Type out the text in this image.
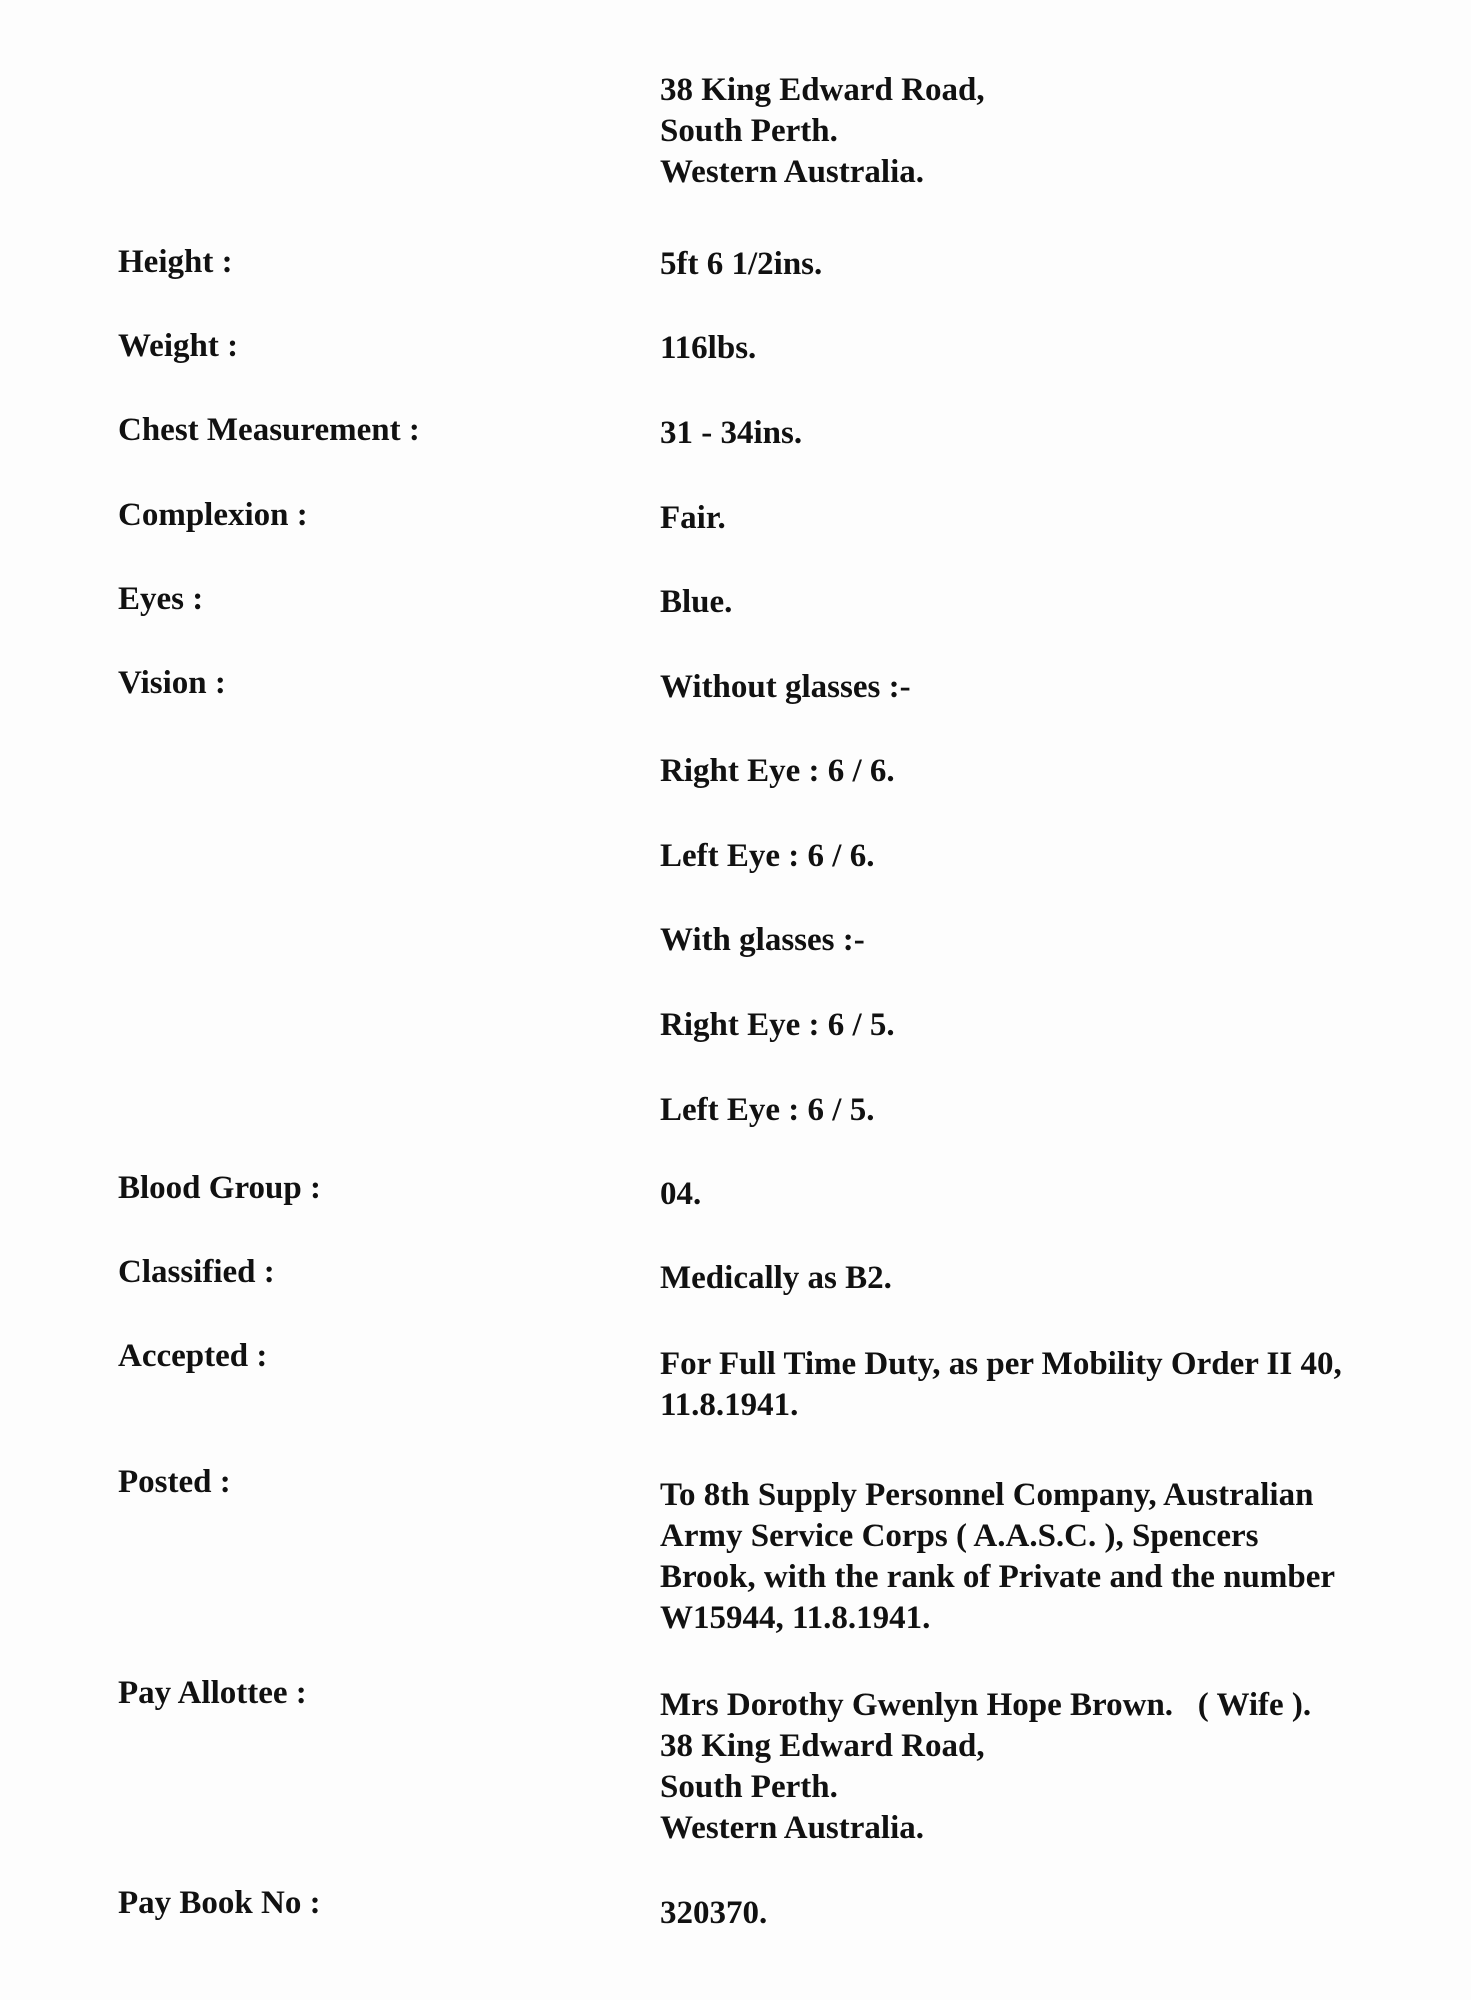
38 King Edward Road,
South Perth.
Western Australia.
Height :	5ft 6 1/2ins.
Weight :	116lbs.
Chest Measurement :	31 - 34ins.
Complexion :	Fair.
Eyes :	Blue.
Vision :	Without glasses :-
Right Eye : 6 / 6.
Left Eye : 6 / 6.
With glasses :-
Right Eye : 6 / 5.
Left Eye : 6 / 5.
Blood Group :	04.
Classified :	Medically as B2.
Accepted :	For Full Time Duty, as per Mobility Order II 40,
11.8.1941.
Posted :	To 8th Supply Personnel Company, Australian
Army Service Corps ( A.A.S.C. ), Spencers
Brook, with the rank of Private and the number
W15944, 11.8.1941.
Pay Allottee :	Mrs Dorothy Gwenlyn Hope Brown.   ( Wife ).
38 King Edward Road,
South Perth.
Western Australia.
Pay Book No :	320370.
